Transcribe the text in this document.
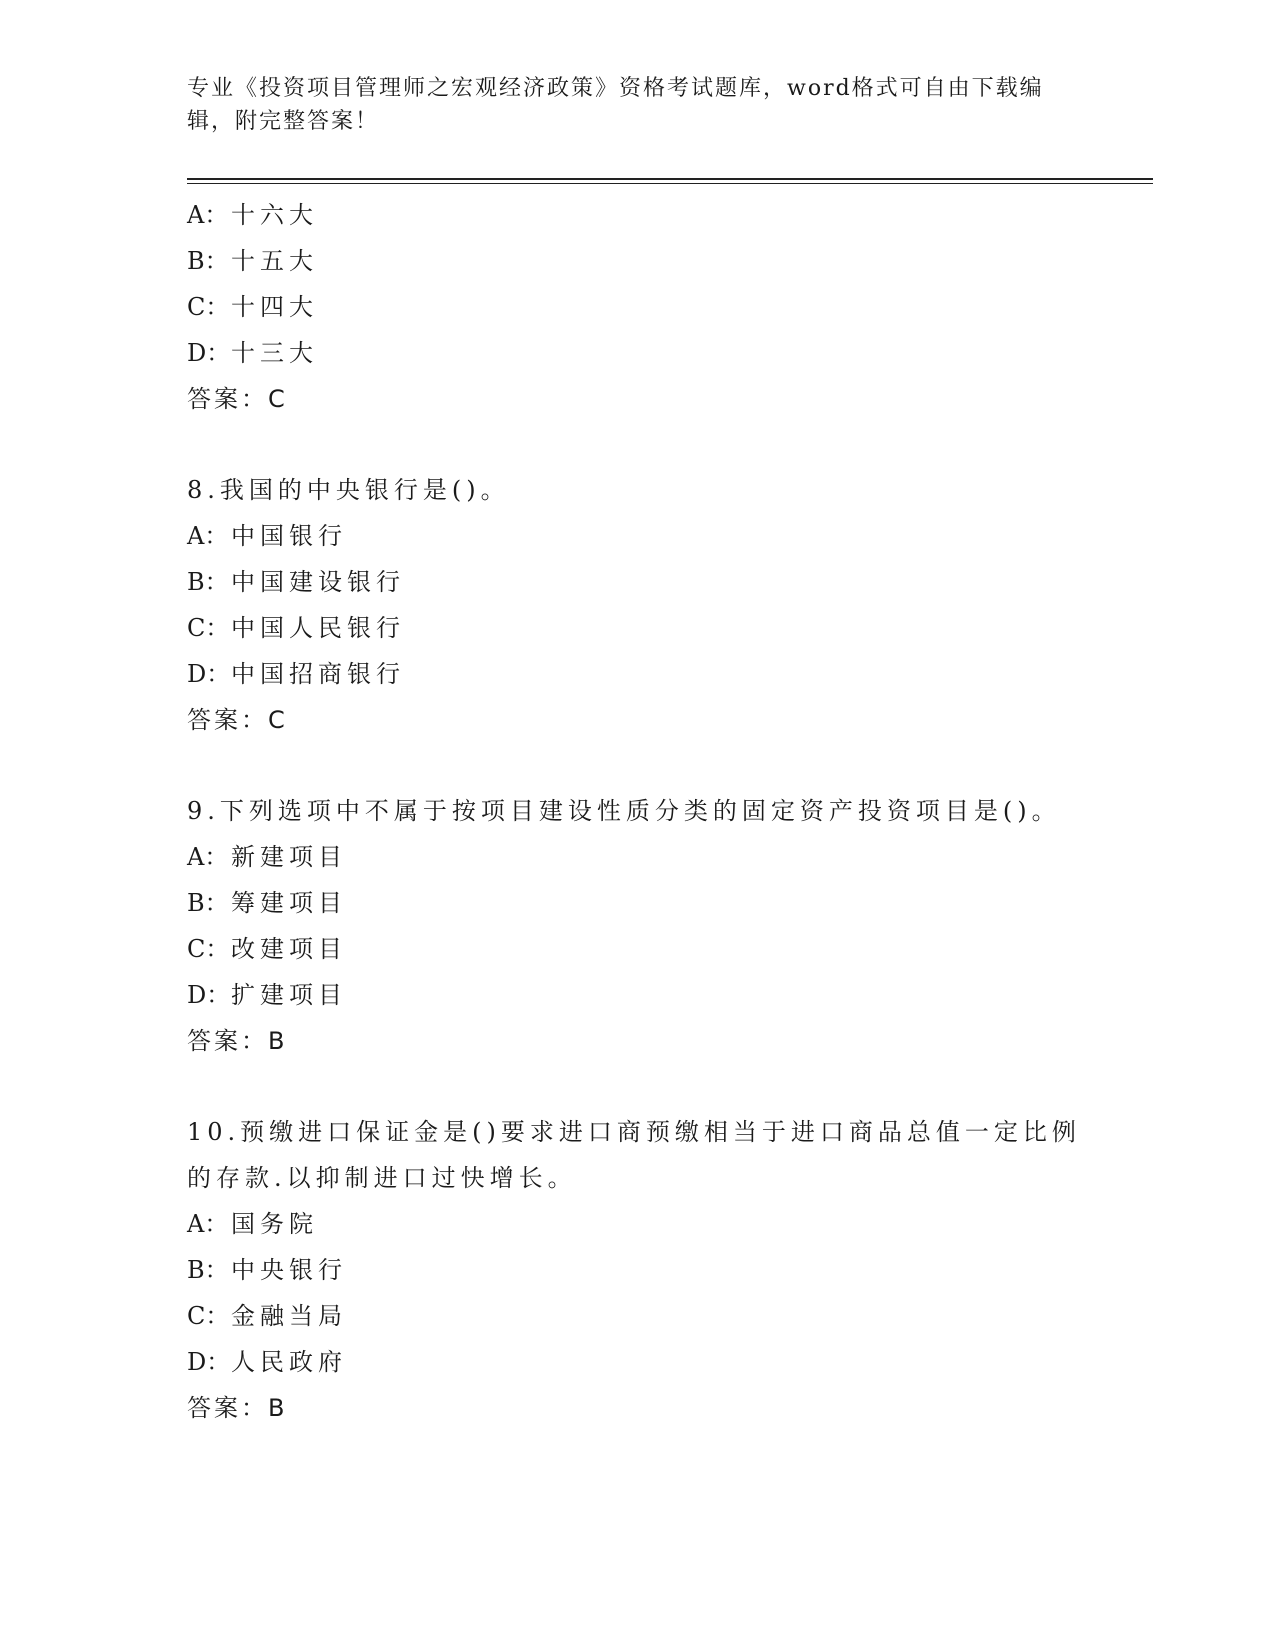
专业《投资项目管理师之宏观经济政策》资格考试题库，word格式可自由下载编辑，附完整答案！
A： 十六大
B：十五大
C：十四大
D：十三大
答案：C
8.我国的中央银行是()。
A： 中国银行
B：中国建设银行
C：中国人民银行
D：中国招商银行
答案：C
9.下列选项中不属于按项目建设性质分类的固定资产投资项目是()。
A： 新建项目
B：筹建项目
C：改建项目
D：扩建项目
答案：B
10.预缴进口保证金是()要求进口商预缴相当于进口商品总值一定比例的存款.以抑制进口过快增长。
A： 国务院
B：中央银行
C：金融当局
D：人民政府
答案：B
